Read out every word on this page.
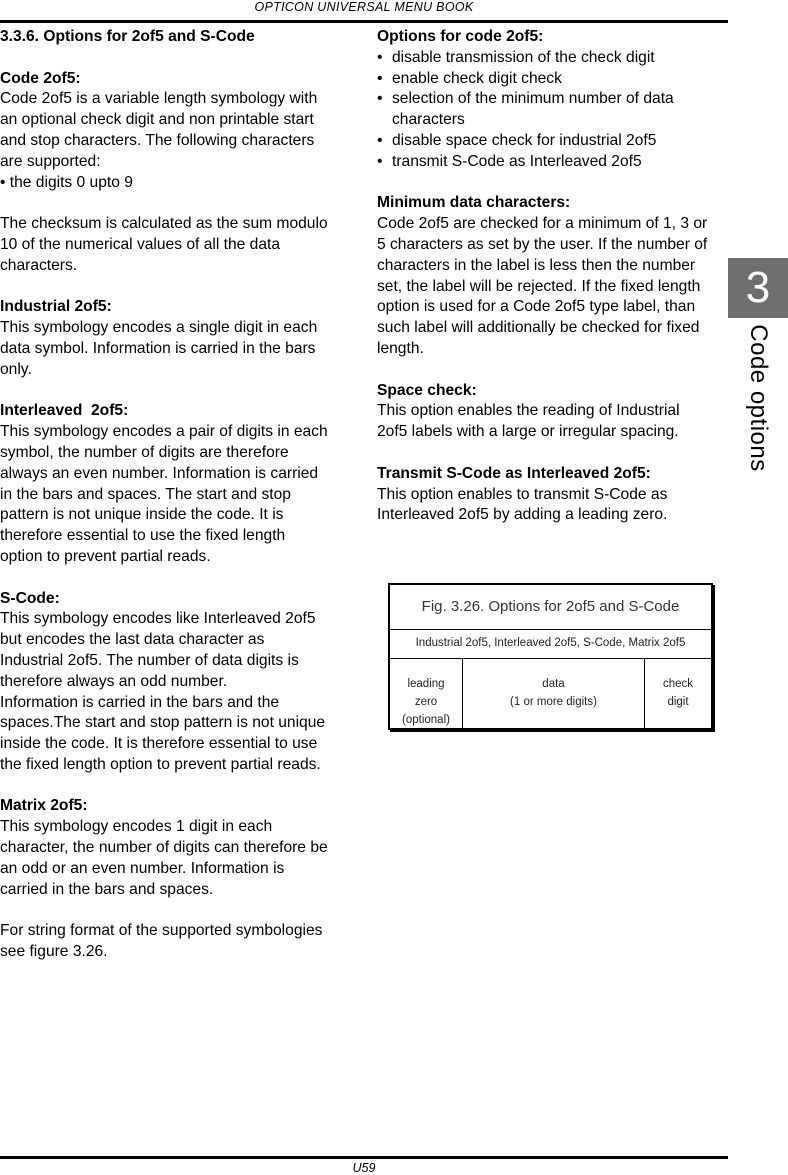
OPTICON UNIVERSAL MENU BOOK

3.3.6. Options for 2of5 and S-Code

Code 2of5:

Code 2of5 is a variable length symbology with

an optional check digit and non printable start

and stop characters. The following characters

are supported:

• the digits 0 upto 9

The checksum is calculated as the sum modulo

10 of the numerical values of all the data

characters.

Industrial 2of5:

This symbology encodes a single digit in each

data symbol. Information is carried in the bars

only.

Interleaved  2of5:

This symbology encodes a pair of digits in each

symbol, the number of digits are therefore

always an even number. Information is carried

in the bars and spaces. The start and stop

pattern is not unique inside the code. It is

therefore essential to use the fixed length

option to prevent partial reads.

S-Code:

This symbology encodes like Interleaved 2of5

but encodes the last data character as

Industrial 2of5. The number of data digits is

therefore always an odd number.

Information is carried in the bars and the

spaces.The start and stop pattern is not unique

inside the code. It is therefore essential to use

the fixed length option to prevent partial reads.

Matrix 2of5:

This symbology encodes 1 digit in each

character, the number of digits can therefore be

an odd or an even number. Information is

carried in the bars and spaces.

For string format of the supported symbologies

see figure 3.26.

Options for code 2of5:

• disable transmission of the check digit
• enable check digit check
• selection of the minimum number of data
characters
• disable space check for industrial 2of5
• transmit S-Code as Interleaved 2of5

Minimum data characters:

Code 2of5 are checked for a minimum of 1, 3 or

5 characters as set by the user. If the number of

characters in the label is less then the number

set, the label will be rejected. If the fixed length

option is used for a Code 2of5 type label, than

such label will additionally be checked for fixed

length.

Space check:

This option enables the reading of Industrial

2of5 labels with a large or irregular spacing.

Transmit S-Code as Interleaved 2of5:

This option enables to transmit S-Code as

Interleaved 2of5 by adding a leading zero.

Fig. 3.26. Options for 2of5 and S-Code
Industrial 2of5, Interleaved 2of5, S-Code, Matrix 2of5
leading
zero
(optional)
data
(1 or more digits)
check
digit
3
Code options
U59
